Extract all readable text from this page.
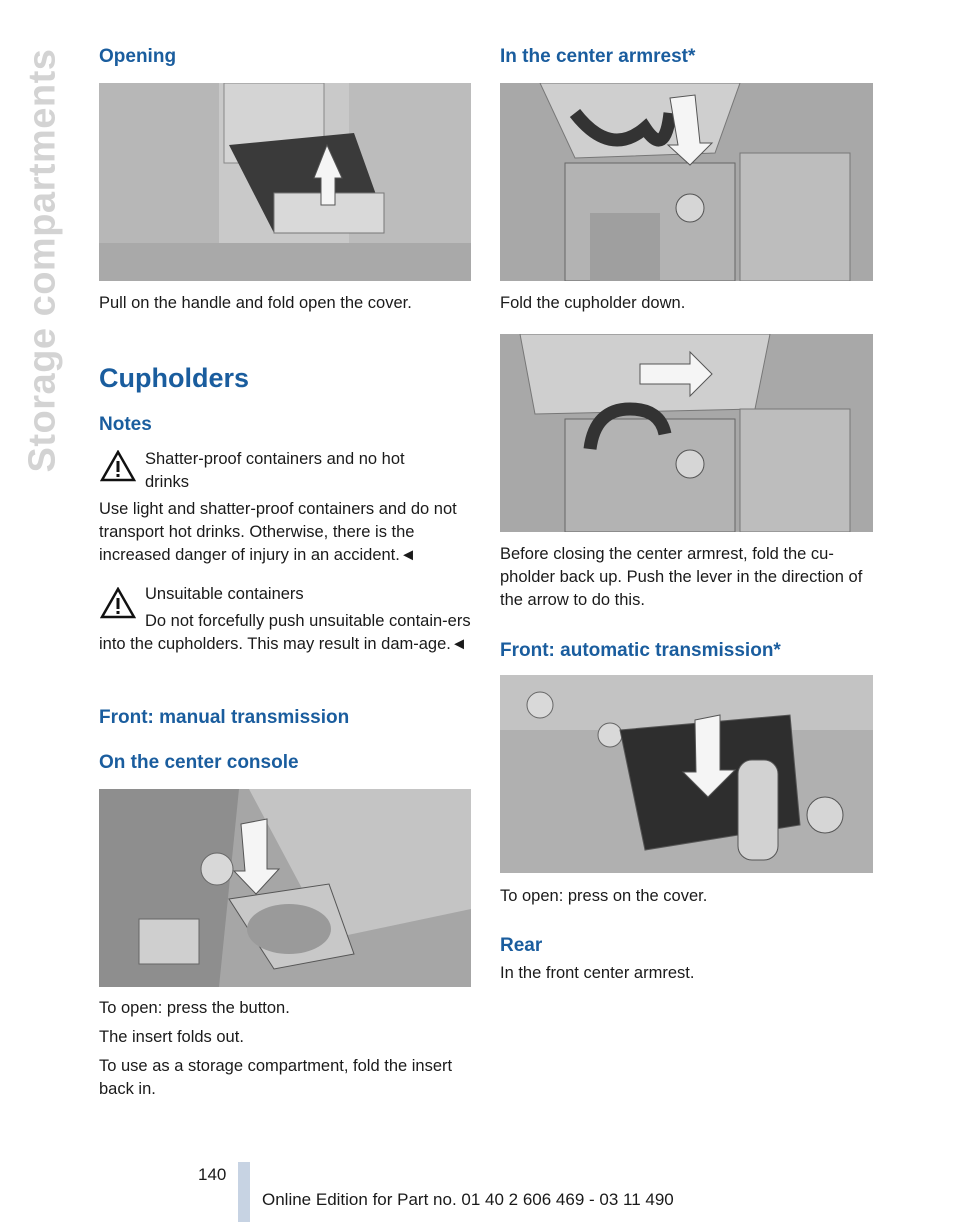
Storage compartments Opening

Pull on the handle and fold open the cover.

Cupholders
Notes

Shatter-proof containers and no hot drinks

Use light and shatter-proof containers and do not transport hot drinks. Otherwise, there is the increased danger of injury in an accident.◄

Unsuitable containers

Do not forcefully push unsuitable contain-ers into the cupholders. This may result in dam-age.◄

Front: manual transmission
On the center console

To open: press the button.

The insert folds out.

To use as a storage compartment, fold the insert back in.

In the center armrest*

Fold the cupholder down.

Before closing the center armrest, fold the cu-pholder back up. Push the lever in the direction of the arrow to do this.

Front: automatic transmission*

To open: press on the cover.

Rear

In the front center armrest.

140
Online Edition for Part no. 01 40 2 606 469 - 03 11 490
